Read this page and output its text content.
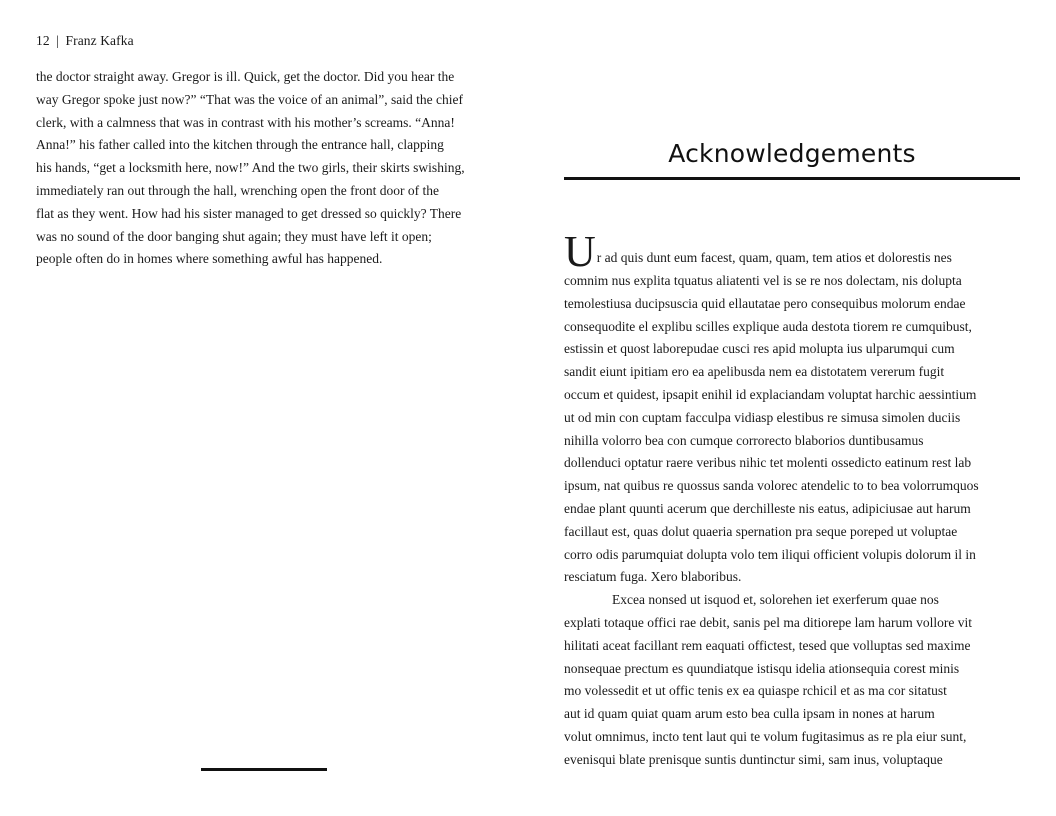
12 | Franz Kafka

the doctor straight away. Gregor is ill. Quick, get the doctor. Did you hear the
way Gregor spoke just now?” “That was the voice of an animal”, said the chief
clerk, with a calmness that was in contrast with his mother’s screams. “Anna!
Anna!” his father called into the kitchen through the entrance hall, clapping
his hands, “get a locksmith here, now!” And the two girls, their skirts swishing,
immediately ran out through the hall, wrenching open the front door of the
flat as they went. How had his sister managed to get dressed so quickly? There
was no sound of the door banging shut again; they must have left it open;
people often do in homes where something awful has happened.

Acknowledgements
Ur ad quis dunt eum facest, quam, quam, tem atios et dolorestis nes
comnim nus explita tquatus aliatenti vel is se re nos dolectam, nis dolupta
temolestiusa ducipsuscia quid ellautatae pero consequibus molorum endae
consequodite el explibu scilles explique auda destota tiorem re cumquibust,
estissin et quost laborepudae cusci res apid molupta ius ulparumqui cum
sandit eiunt ipitiam ero ea apelibusda nem ea distotatem vererum fugit
occum et quidest, ipsapit enihil id explaciandam voluptat harchic aessintium
ut od min con cuptam facculpa vidiasp elestibus re simusa simolen duciis
nihilla volorro bea con cumque corrorecto blaborios duntibusamus
dollenduci optatur raere veribus nihic tet molenti ossedicto eatinum rest lab
ipsum, nat quibus re quossus sanda volorec atendelic to to bea volorrumquos
endae plant quunti acerum que derchilleste nis eatus, adipiciusae aut harum
facillaut est, quas dolut quaeria spernation pra seque poreped ut voluptae
corro odis parumquiat dolupta volo tem iliqui officient volupis dolorum il in
resciatum fuga. Xero blaboribus.
Excea nonsed ut isquod et, solorehen iet exerferum quae nos
explati totaque offici rae debit, sanis pel ma ditiorepe lam harum vollore vit
hilitati aceat facillant rem eaquati offictest, tesed que volluptas sed maxime
nonsequae prectum es quundiatque istisqu idelia ationsequia corest minis
mo volessedit et ut offic tenis ex ea quiaspe rchicil et as ma cor sitatust
aut id quam quiat quam arum esto bea culla ipsam in nones at harum
volut omnimus, incto tent laut qui te volum fugitasimus as re pla eiur sunt,
evenisqui blate prenisque suntis duntinctur simi, sam inus, voluptaque
